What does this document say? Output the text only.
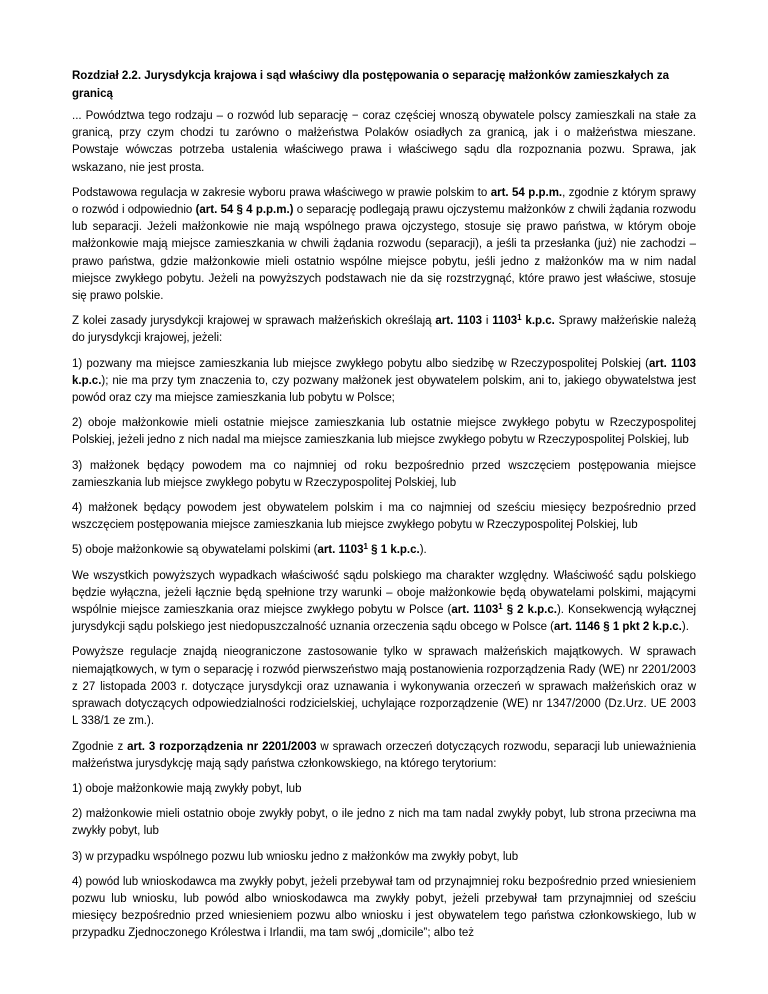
Rozdział 2.2. Jurysdykcja krajowa i sąd właściwy dla postępowania o separację małżonków zamieszkałych za granicą

... Powództwa tego rodzaju – o rozwód lub separację − coraz częściej wnoszą obywatele polscy zamieszkali na stałe za granicą, przy czym chodzi tu zarówno o małżeństwa Polaków osiadłych za granicą, jak i o małżeństwa mieszane. Powstaje wówczas potrzeba ustalenia właściwego prawa i właściwego sądu dla rozpoznania pozwu. Sprawa, jak wskazano, nie jest prosta.

Podstawowa regulacja w zakresie wyboru prawa właściwego w prawie polskim to art. 54 p.p.m., zgodnie z którym sprawy o rozwód i odpowiednio (art. 54 § 4 p.p.m.) o separację podlegają prawu ojczystemu małżonków z chwili żądania rozwodu lub separacji. Jeżeli małżonkowie nie mają wspólnego prawa ojczystego, stosuje się prawo państwa, w którym oboje małżonkowie mają miejsce zamieszkania w chwili żądania rozwodu (separacji), a jeśli ta przesłanka (już) nie zachodzi – prawo państwa, gdzie małżonkowie mieli ostatnio wspólne miejsce pobytu, jeśli jedno z małżonków ma w nim nadal miejsce zwykłego pobytu. Jeżeli na powyższych podstawach nie da się rozstrzygnąć, które prawo jest właściwe, stosuje się prawo polskie.

Z kolei zasady jurysdykcji krajowej w sprawach małżeńskich określają art. 1103 i 1103$^1$ k.p.c. Sprawy małżeńskie należą do jurysdykcji krajowej, jeżeli:

1) pozwany ma miejsce zamieszkania lub miejsce zwykłego pobytu albo siedzibę w Rzeczypospolitej Polskiej (art. 1103 k.p.c.); nie ma przy tym znaczenia to, czy pozwany małżonek jest obywatelem polskim, ani to, jakiego obywatelstwa jest powód oraz czy ma miejsce zamieszkania lub pobytu w Polsce;

2) oboje małżonkowie mieli ostatnie miejsce zamieszkania lub ostatnie miejsce zwykłego pobytu w Rzeczypospolitej Polskiej, jeżeli jedno z nich nadal ma miejsce zamieszkania lub miejsce zwykłego pobytu w Rzeczypospolitej Polskiej, lub

3) małżonek będący powodem ma co najmniej od roku bezpośrednio przed wszczęciem postępowania miejsce zamieszkania lub miejsce zwykłego pobytu w Rzeczypospolitej Polskiej, lub

4) małżonek będący powodem jest obywatelem polskim i ma co najmniej od sześciu miesięcy bezpośrednio przed wszczęciem postępowania miejsce zamieszkania lub miejsce zwykłego pobytu w Rzeczypospolitej Polskiej, lub

5) oboje małżonkowie są obywatelami polskimi (art. 1103$^1$ § 1 k.p.c.).

We wszystkich powyższych wypadkach właściwość sądu polskiego ma charakter względny. Właściwość sądu polskiego będzie wyłączna, jeżeli łącznie będą spełnione trzy warunki – oboje małżonkowie będą obywatelami polskimi, mającymi wspólnie miejsce zamieszkania oraz miejsce zwykłego pobytu w Polsce (art. 1103$^1$ § 2 k.p.c.). Konsekwencją wyłącznej jurysdykcji sądu polskiego jest niedopuszczalność uznania orzeczenia sądu obcego w Polsce (art. 1146 § 1 pkt 2 k.p.c.).

Powyższe regulacje znajdą nieograniczone zastosowanie tylko w sprawach małżeńskich majątkowych. W sprawach niemajątkowych, w tym o separację i rozwód pierwszeństwo mają postanowienia rozporządzenia Rady (WE) nr 2201/2003 z 27 listopada 2003 r. dotyczące jurysdykcji oraz uznawania i wykonywania orzeczeń w sprawach małżeńskich oraz w sprawach dotyczących odpowiedzialności rodzicielskiej, uchylające rozporządzenie (WE) nr 1347/2000 (Dz.Urz. UE 2003 L 338/1 ze zm.).

Zgodnie z art. 3 rozporządzenia nr 2201/2003 w sprawach orzeczeń dotyczących rozwodu, separacji lub unieważnienia małżeństwa jurysdykcję mają sądy państwa członkowskiego, na którego terytorium:

1) oboje małżonkowie mają zwykły pobyt, lub

2) małżonkowie mieli ostatnio oboje zwykły pobyt, o ile jedno z nich ma tam nadal zwykły pobyt, lub strona przeciwna ma zwykły pobyt, lub

3) w przypadku wspólnego pozwu lub wniosku jedno z małżonków ma zwykły pobyt, lub

4) powód lub wnioskodawca ma zwykły pobyt, jeżeli przebywał tam od przynajmniej roku bezpośrednio przed wniesieniem pozwu lub wniosku, lub powód albo wnioskodawca ma zwykły pobyt, jeżeli przebywał tam przynajmniej od sześciu miesięcy bezpośrednio przed wniesieniem pozwu albo wniosku i jest obywatelem tego państwa członkowskiego, lub w przypadku Zjednoczonego Królestwa i Irlandii, ma tam swój „domicile”; albo też
